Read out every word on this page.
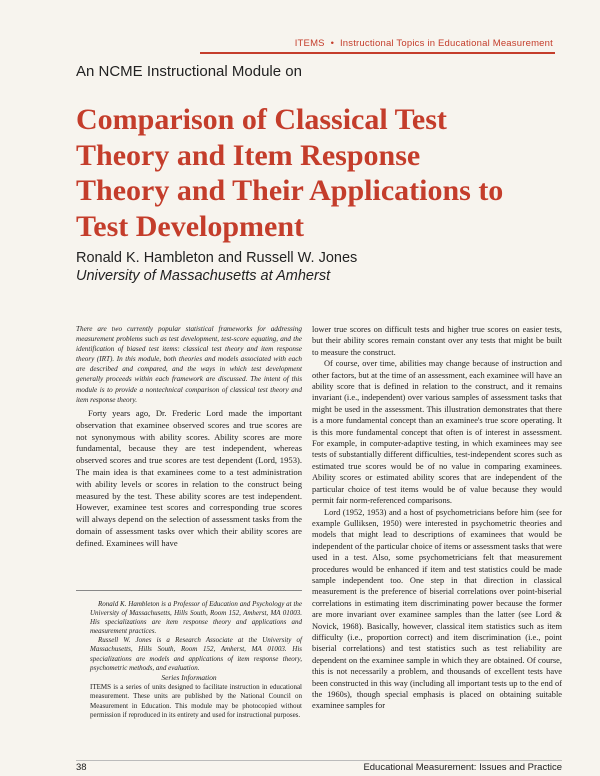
ITEMS • Instructional Topics in Educational Measurement
An NCME Instructional Module on
Comparison of Classical Test
Theory and Item Response
Theory and Their Applications to
Test Development
Ronald K. Hambleton and Russell W. Jones
University of Massachusetts at Amherst

There are two currently popular statistical frameworks for addressing measurement problems such as test development, test-score equating, and the identification of biased test items: classical test theory and item response theory (IRT). In this module, both theories and models associated with each are described and compared, and the ways in which test development generally proceeds within each framework are discussed. The intent of this module is to provide a nontechnical comparison of classical test theory and item response theory.

Forty years ago, Dr. Frederic Lord made the important observation that examinee observed scores and true scores are not synonymous with ability scores. Ability scores are more fundamental, because they are test independent, whereas observed scores and true scores are test dependent (Lord, 1953). The main idea is that examinees come to a test administration with ability levels or scores in relation to the construct being measured by the test. These ability scores are test independent. However, examinee test scores and corresponding true scores will always depend on the selection of assessment tasks from the domain of assessment tasks over which their ability scores are defined. Examinees will have

Ronald K. Hambleton is a Professor of Education and Psychology at the University of Massachusetts, Hills South, Room 152, Amherst, MA 01003. His specializations are item response theory and applications and measurement practices.

Russell W. Jones is a Research Associate at the University of Massachusetts, Hills South, Room 152, Amherst, MA 01003. His specializations are models and applications of item response theory, psychometric methods, and evaluation.

Series Information

ITEMS is a series of units designed to facilitate instruction in educational measurement. These units are published by the National Council on Measurement in Education. This module may be photocopied without permission if reproduced in its entirety and used for instructional purposes.

lower true scores on difficult tests and higher true scores on easier tests, but their ability scores remain constant over any tests that might be built to measure the construct.

Of course, over time, abilities may change because of instruction and other factors, but at the time of an assessment, each examinee will have an ability score that is defined in relation to the construct, and it remains invariant (i.e., independent) over various samples of assessment tasks that might be used in the assessment. This illustration demonstrates that there is a more fundamental concept than an examinee's true score operating. It is this more fundamental concept that often is of interest in assessment. For example, in computer-adaptive testing, in which examinees may see tests of substantially different difficulties, test-independent scores such as estimated true scores would be of no value in comparing examinees. Ability scores or estimated ability scores that are independent of the particular choice of test items would be of value because they would permit fair norm-referenced comparisons.

Lord (1952, 1953) and a host of psychometricians before him (see for example Gulliksen, 1950) were interested in psychometric theories and models that might lead to descriptions of examinees that would be independent of the particular choice of items or assessment tasks that were used in a test. Also, some psychometricians felt that measurement procedures would be enhanced if item and test statistics could be made sample independent too. One step in that direction in classical measurement is the preference of biserial correlations over point-biserial correlations in estimating item discriminating power because the former are more invariant over examinee samples than the latter (see Lord & Novick, 1968). Basically, however, classical item statistics such as item difficulty (i.e., proportion correct) and item discrimination (i.e., point biserial correlations) and test statistics such as test reliability are dependent on the examinee sample in which they are obtained. Of course, this is not necessarily a problem, and thousands of excellent tests have been constructed in this way (including all important tests up to the end of the 1960s), though special emphasis is placed on obtaining suitable examinee samples for

38	Educational Measurement: Issues and Practice
